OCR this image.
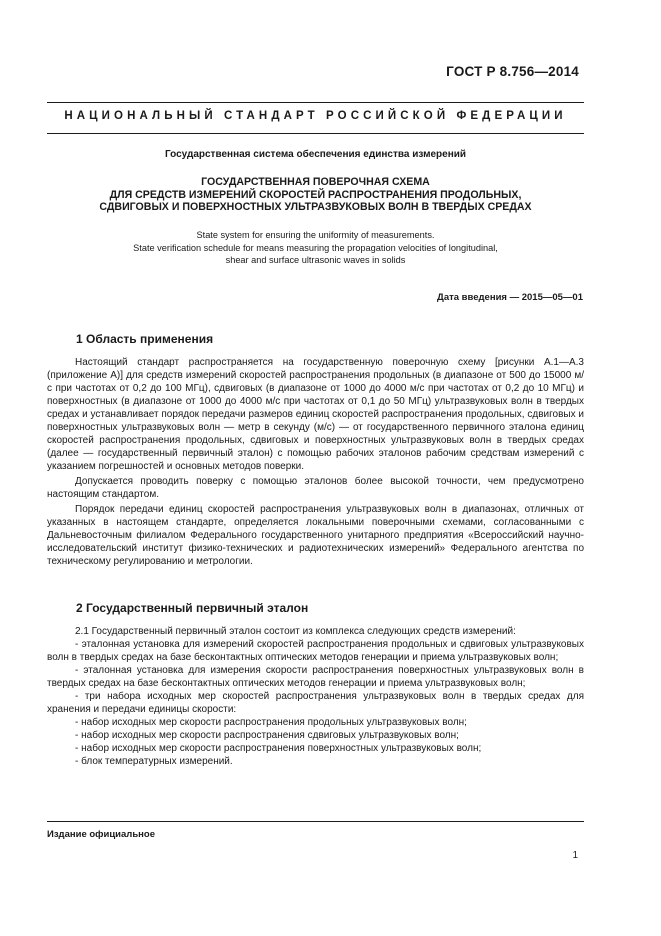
ГОСТ Р 8.756—2014
НАЦИОНАЛЬНЫЙ СТАНДАРТ РОССИЙСКОЙ ФЕДЕРАЦИИ
Государственная система обеспечения единства измерений
ГОСУДАРСТВЕННАЯ ПОВЕРОЧНАЯ СХЕМА
ДЛЯ СРЕДСТВ ИЗМЕРЕНИЙ СКОРОСТЕЙ РАСПРОСТРАНЕНИЯ ПРОДОЛЬНЫХ,
СДВИГОВЫХ И ПОВЕРХНОСТНЫХ УЛЬТРАЗВУКОВЫХ ВОЛН В ТВЕРДЫХ СРЕДАХ
State system for ensuring the uniformity of measurements.
State verification schedule for means measuring the propagation velocities of longitudinal,
shear and surface ultrasonic waves in solids
Дата введения — 2015—05—01
1 Область применения

Настоящий стандарт распространяется на государственную поверочную схему [рисунки А.1—А.3 (приложение А)] для средств измерений скоростей распространения продольных (в диапазоне от 500 до 15000 м/с при частотах от 0,2 до 100 МГц), сдвиговых (в диапазоне от 1000 до 4000 м/с при частотах от 0,2 до 10 МГц) и поверхностных (в диапазоне от 1000 до 4000 м/с при частотах от 0,1 до 50 МГц) ультразвуковых волн в твердых средах и устанавливает порядок передачи размеров единиц скоростей распространения продольных, сдвиговых и поверхностных ультразвуковых волн — метр в секунду (м/с) — от государственного первичного эталона единиц скоростей распространения продольных, сдвиговых и поверхностных ультразвуковых волн в твердых средах (далее — государственный первичный эталон) с помощью рабочих эталонов рабочим средствам измерений с указанием погрешностей и основных методов поверки.

Допускается проводить поверку с помощью эталонов более высокой точности, чем предусмотрено настоящим стандартом.

Порядок передачи единиц скоростей распространения ультразвуковых волн в диапазонах, отличных от указанных в настоящем стандарте, определяется локальными поверочными схемами, согласованными с Дальневосточным филиалом Федерального государственного унитарного предприятия «Всероссийский научно-исследовательский институт физико-технических и радиотехнических измерений» Федерального агентства по техническому регулированию и метрологии.

2 Государственный первичный эталон

2.1 Государственный первичный эталон состоит из комплекса следующих средств измерений:

- эталонная установка для измерений скоростей распространения продольных и сдвиговых ультразвуковых волн в твердых средах на базе бесконтактных оптических методов генерации и приема ультразвуковых волн;

- эталонная установка для измерения скорости распространения поверхностных ультразвуковых волн в твердых средах на базе бесконтактных оптических методов генерации и приема ультразвуковых волн;

- три набора исходных мер скоростей распространения ультразвуковых волн в твердых средах для хранения и передачи единицы скорости:

- набор исходных мер скорости распространения продольных ультразвуковых волн;

- набор исходных мер скорости распространения сдвиговых ультразвуковых волн;

- набор исходных мер скорости распространения поверхностных ультразвуковых волн;

- блок температурных измерений.

Издание официальное
1
